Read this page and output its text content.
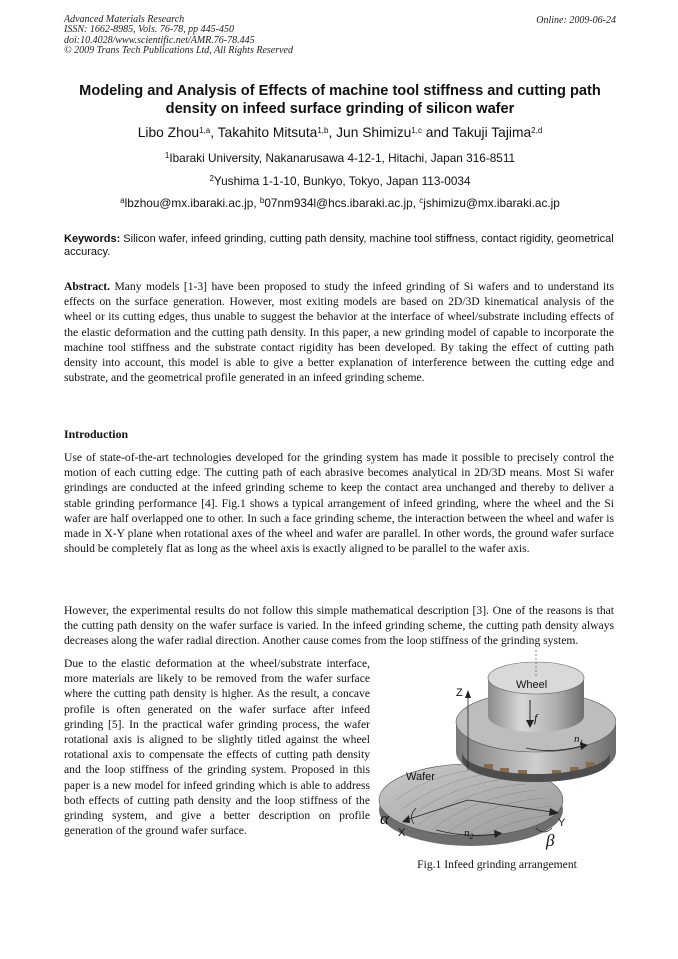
Advanced Materials Research
ISSN: 1662-8985, Vols. 76-78, pp 445-450
doi:10.4028/www.scientific.net/AMR.76-78.445
© 2009 Trans Tech Publications Ltd, All Rights Reserved
Online: 2009-06-24
Modeling and Analysis of Effects of machine tool stiffness and cutting path density on infeed surface grinding of silicon wafer
Libo Zhou$^{1,a}$, Takahito Mitsuta$^{1,b}$, Jun Shimizu$^{1,c}$ and Takuji Tajima$^{2,d}$
$^1$Ibaraki University, Nakanarusawa 4-12-1, Hitachi, Japan 316-8511
$^2$Yushima 1-1-10, Bunkyo, Tokyo, Japan 113-0034
$^a$lbzhou@mx.ibaraki.ac.jp, $^b$07nm934l@hcs.ibaraki.ac.jp, $^c$jshimizu@mx.ibaraki.ac.jp
Keywords: Silicon wafer, infeed grinding, cutting path density, machine tool stiffness, contact rigidity, geometrical accuracy.
Abstract. Many models [1-3] have been proposed to study the infeed grinding of Si wafers and to understand its effects on the surface generation. However, most exiting models are based on 2D/3D kinematical analysis of the wheel or its cutting edges, thus unable to suggest the behavior at the interface of wheel/substrate including effects of the elastic deformation and the cutting path density. In this paper, a new grinding model of capable to incorporate the machine tool stiffness and the substrate contact rigidity has been developed. By taking the effect of cutting path density into account, this model is able to give a better explanation of interference between the cutting edge and substrate, and the geometrical profile generated in an infeed grinding scheme.
Introduction
Use of state-of-the-art technologies developed for the grinding system has made it possible to precisely control the motion of each cutting edge. The cutting path of each abrasive becomes analytical in 2D/3D means. Most Si wafer grindings are conducted at the infeed grinding scheme to keep the contact area unchanged and thereby to deliver a stable grinding performance [4]. Fig.1 shows a typical arrangement of infeed grinding, where the wheel and the Si wafer are half overlapped one to other. In such a face grinding scheme, the interaction between the wheel and wafer is made in X-Y plane when rotational axes of the wheel and wafer are parallel. In other words, the ground wafer surface should be completely flat as long as the wheel axis is exactly aligned to be parallel to the wafer axis.
However, the experimental results do not follow this simple mathematical description [3]. One of the reasons is that the cutting path density on the wafer surface is varied. In the infeed grinding scheme, the cutting path density always decreases along the wafer radial direction. Another cause comes from the loop stiffness of the grinding system.
Due to the elastic deformation at the wheel/substrate interface, more materials are likely to be removed from the wafer surface where the cutting path density is higher. As the result, a concave profile is often generated on the wafer surface after infeed grinding [5]. In the practical wafer grinding process, the wafer rotational axis is aligned to be slightly titled against the wheel rotational axis to compensate the effects of cutting path density and the loop stiffness of the grinding system. Proposed in this paper is a new model for infeed grinding which is able to address both effects of cutting path density and the loop stiffness of the grinding system, and give a better description on profile generation of the ground wafer surface.
Wheel
Wafer
Z
X
Y
f
α
β
$n_1$
$n_2$
Fig.1 Infeed grinding arrangement
